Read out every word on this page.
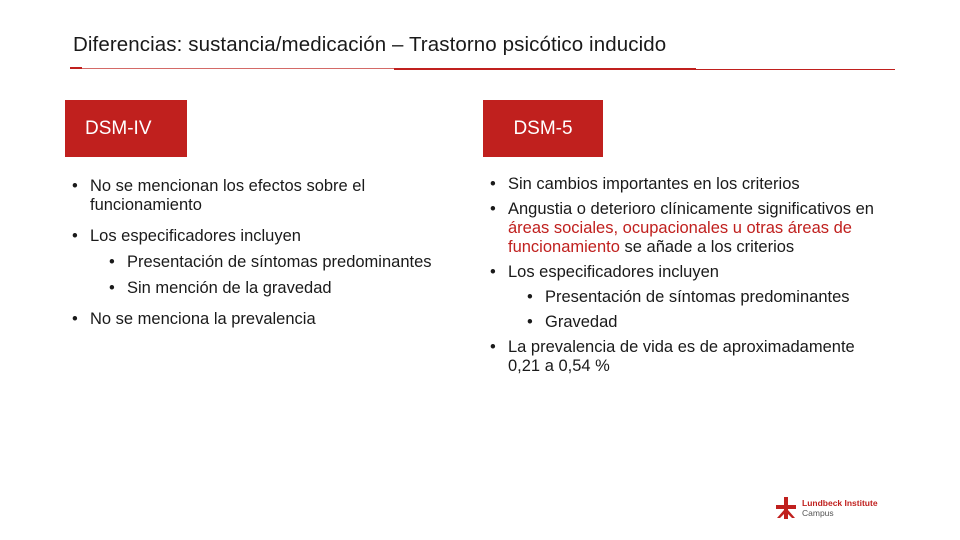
Diferencias: sustancia/medicación – Trastorno psicótico inducido
DSM-IV	DSM-5
• No se mencionan los efectos sobre el funcionamiento
• Los especificadores incluyen
• Presentación de síntomas predominantes
• Sin mención de la gravedad
• No se menciona la prevalencia
• Sin cambios importantes en los criterios
• Angustia o deterioro clínicamente significativos en áreas sociales, ocupacionales u otras áreas de funcionamiento se añade a los criterios
• Los especificadores incluyen
• Presentación de síntomas predominantes
• Gravedad
• La prevalencia de vida es de aproximadamente 0,21 a 0,54 %
Lundbeck Institute
Campus
